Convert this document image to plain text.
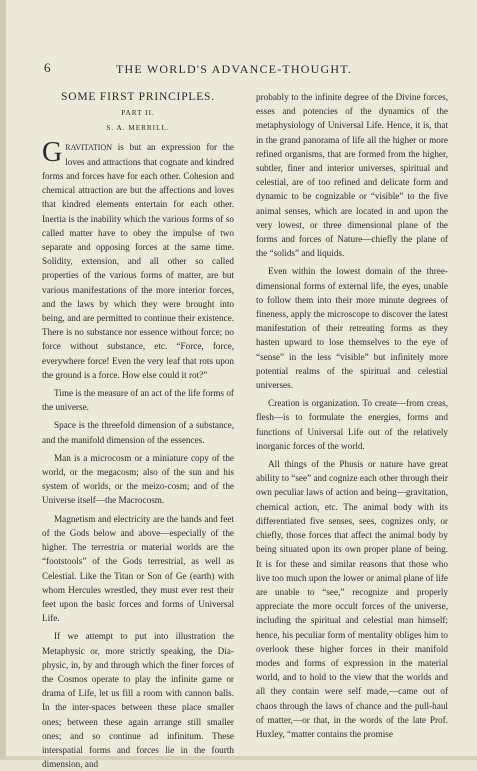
6	THE WORLD'S ADVANCE-THOUGHT.
SOME FIRST PRINCIPLES.
PART II.
S. A. MERRILL.

GRAVITATION is but an expression for the loves and attractions that cognate and kindred forms and forces have for each other. Cohesion and chemical attraction are but the affections and loves that kindred elements entertain for each other. Inertia is the inability which the various forms of so called matter have to obey the impulse of two separate and opposing forces at the same time. Solidity, extension, and all other so called properties of the various forms of matter, are but various manifestations of the more interior forces, and the laws by which they were brought into being, and are permitted to continue their existence. There is no substance nor essence without force; no force without substance, etc. “Force, force, everywhere force! Even the very leaf that rots upon the ground is a force. How else could it rot?”

Time is the measure of an act of the life forms of the universe.

Space is the threefold dimension of a substance, and the manifold dimension of the essences.

Man is a microcosm or a miniature copy of the world, or the megacosm; also of the sun and his system of worlds, or the meizo-cosm; and of the Universe itself—the Macrocosm.

Magnetism and electricity are the hands and feet of the Gods below and above—especially of the higher. The terrestria or material worlds are the “footstools” of the Gods terrestrial, as well as Celestial. Like the Titan or Son of Ge (earth) with whom Hercules wrestled, they must ever rest their feet upon the basic forces and forms of Universal Life.

If we attempt to put into illustration the Metaphysic or, more strictly speaking, the Dia-physic, in, by and through which the finer forces of the Cosmos operate to play the infinite game or drama of Life, let us fill a room with cannon balls. In the inter-spaces between these place smaller ones; between these again arrange still smaller ones; and so continue ad infinitum. These interspatial forms and forces lie in the fourth dimension, and

probably to the infinite degree of the Divine forces, esses and potencies of the dynamics of the metaphysiology of Universal Life. Hence, it is, that in the grand panorama of life all the higher or more refined organisms, that are formed from the higher, subtler, finer and interior universes, spiritual and celestial, are of too refined and delicate form and dynamic to be cognizable or “visible” to the five animal senses, which are located in and upon the very lowest, or three dimensional plane of the forms and forces of Nature—chiefly the plane of the “solids” and liquids.

Even within the lowest domain of the three-dimensional forms of external life, the eyes, unable to follow them into their more minute degrees of fineness, apply the microscope to discover the latest manifestation of their retreating forms as they hasten upward to lose themselves to the eye of “sense” in the less “visible” but infinitely more potential realms of the spiritual and celestial universes.

Creation is organization. To create—from creas, flesh—is to formulate the energies, forms and functions of Universal Life out of the relatively inorganic forces of the world.

All things of the Phusis or nature have great ability to “see” and cognize each other through their own peculiar laws of action and being—gravitation, chemical action, etc. The animal body with its differentiated five senses, sees, cognizes only, or chiefly, those forces that affect the animal body by being situated upon its own proper plane of being. It is for these and similar reasons that those who live too much upon the lower or animal plane of life are unable to “see,” recognize and properly appreciate the more occult forces of the universe, including the spiritual and celestial man himself; hence, his peculiar form of mentality obliges him to overlook these higher forces in their manifold modes and forms of expression in the material world, and to hold to the view that the worlds and all they contain were self made,—came out of chaos through the laws of chance and the pull-haul of matter,—or that, in the words of the late Prof. Huxley, “matter contains the promise
